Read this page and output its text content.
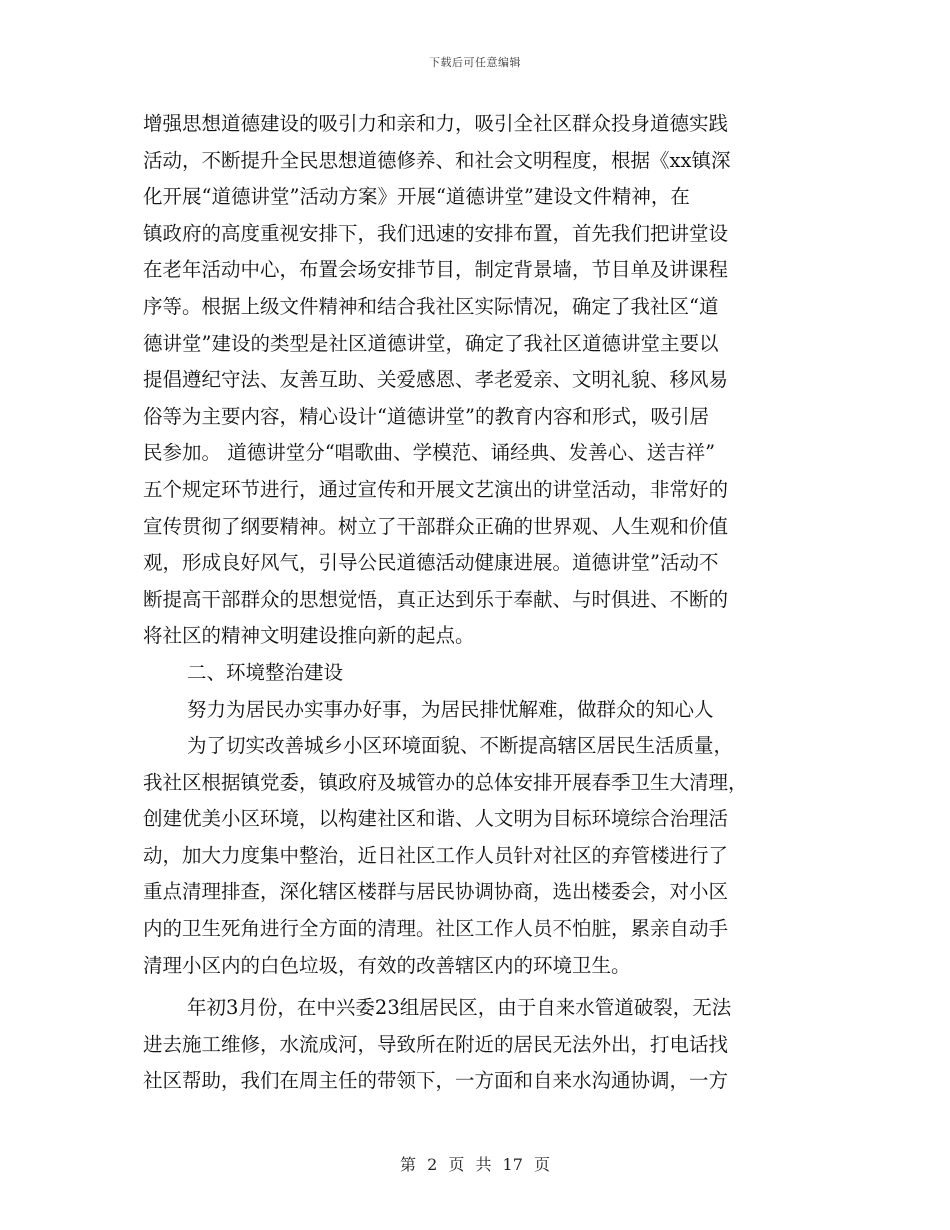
下载后可任意编辑
增强思想道德建设的吸引力和亲和力，吸引全社区群众投身道德实践
活动，不断提升全民思想道德修养、和社会文明程度，根据《xx镇深
化开展“道德讲堂”活动方案》开展“道德讲堂”建设文件精神，在
镇政府的高度重视安排下，我们迅速的安排布置，首先我们把讲堂设
在老年活动中心，布置会场安排节目，制定背景墙，节目单及讲课程
序等。根据上级文件精神和结合我社区实际情况，确定了我社区“道
德讲堂”建设的类型是社区道德讲堂，确定了我社区道德讲堂主要以
提倡遵纪守法、友善互助、关爱感恩、孝老爱亲、文明礼貌、移风易
俗等为主要内容，精心设计“道德讲堂”的教育内容和形式，吸引居
民参加。 道德讲堂分“唱歌曲、学模范、诵经典、发善心、送吉祥”
五个规定环节进行，通过宣传和开展文艺演出的讲堂活动，非常好的
宣传贯彻了纲要精神。树立了干部群众正确的世界观、人生观和价值
观，形成良好风气，引导公民道德活动健康进展。道德讲堂”活动不
断提高干部群众的思想觉悟，真正达到乐于奉献、与时俱进、不断的
将社区的精神文明建设推向新的起点。
二、环境整治建设
努力为居民办实事办好事，为居民排忧解难，做群众的知心人
为了切实改善城乡小区环境面貌、不断提高辖区居民生活质量，
我社区根据镇党委，镇政府及城管办的总体安排开展春季卫生大清理，
创建优美小区环境，以构建社区和谐、人文明为目标环境综合治理活
动，加大力度集中整治，近日社区工作人员针对社区的弃管楼进行了
重点清理排查，深化辖区楼群与居民协调协商，选出楼委会，对小区
内的卫生死角进行全方面的清理。社区工作人员不怕脏，累亲自动手
清理小区内的白色垃圾，有效的改善辖区内的环境卫生。
年初3月份，在中兴委23组居民区，由于自来水管道破裂，无法
进去施工维修，水流成河，导致所在附近的居民无法外出，打电话找
社区帮助，我们在周主任的带领下，一方面和自来水沟通协调，一方
第 2 页 共 17 页
